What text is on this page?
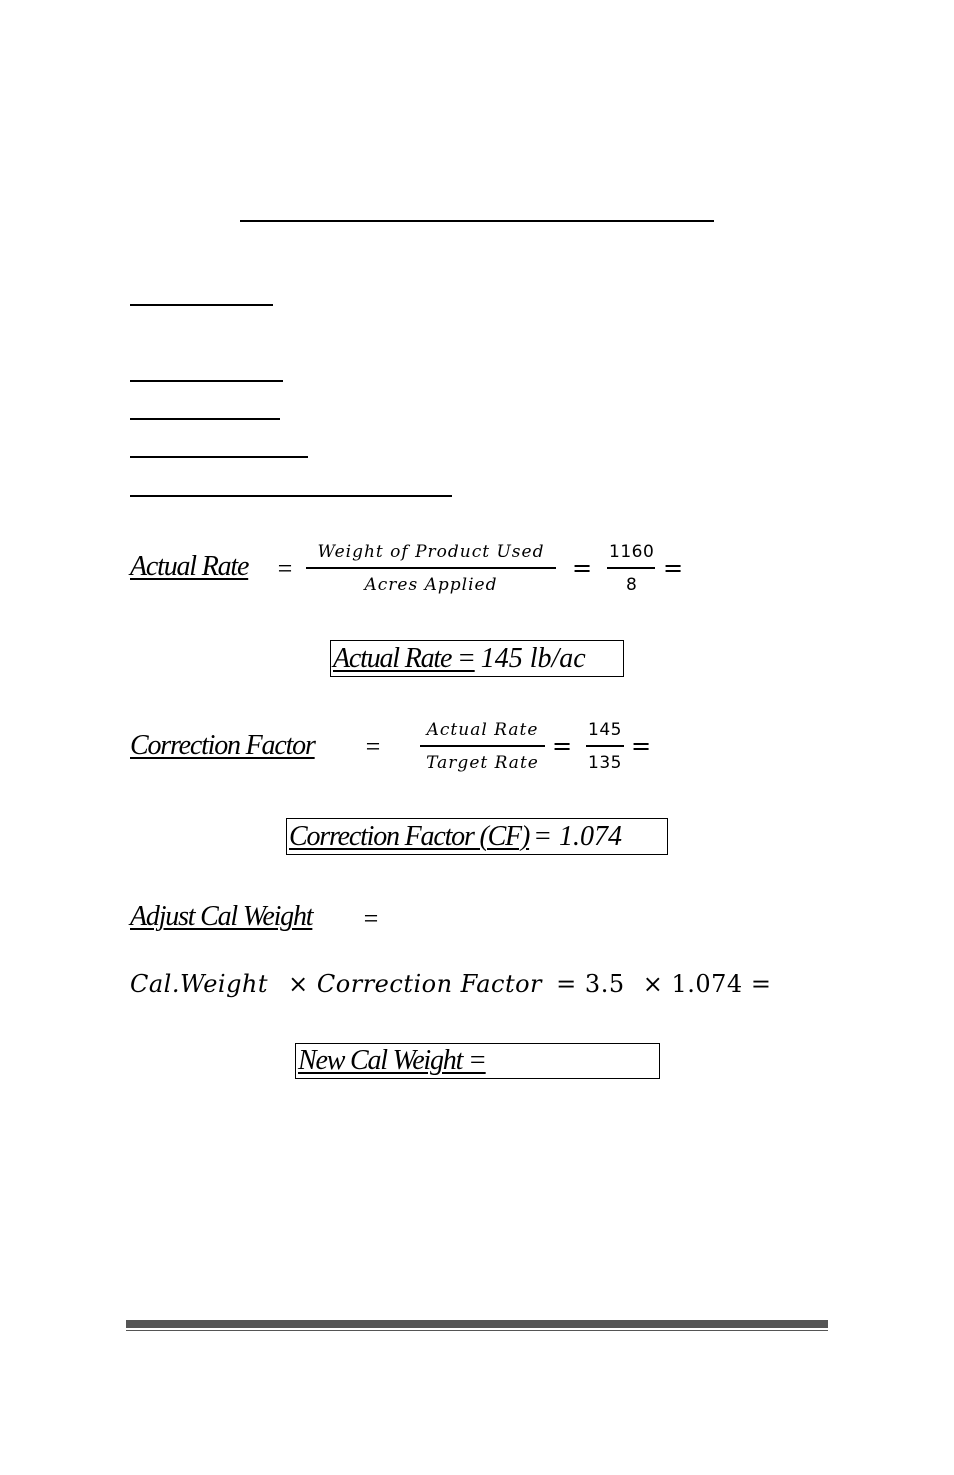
Actual Rate =
Weight of Product Used
Acres Applied
=
1160
8
=
Actual Rate = 145 lb/ac
Correction Factor =
Actual Rate
Target Rate
=
145
135
=
Correction Factor (CF) = 1.074
Adjust Cal Weight =
Cal.Weight × Correction Factor = 3.5 × 1.074 =
New Cal Weight =
